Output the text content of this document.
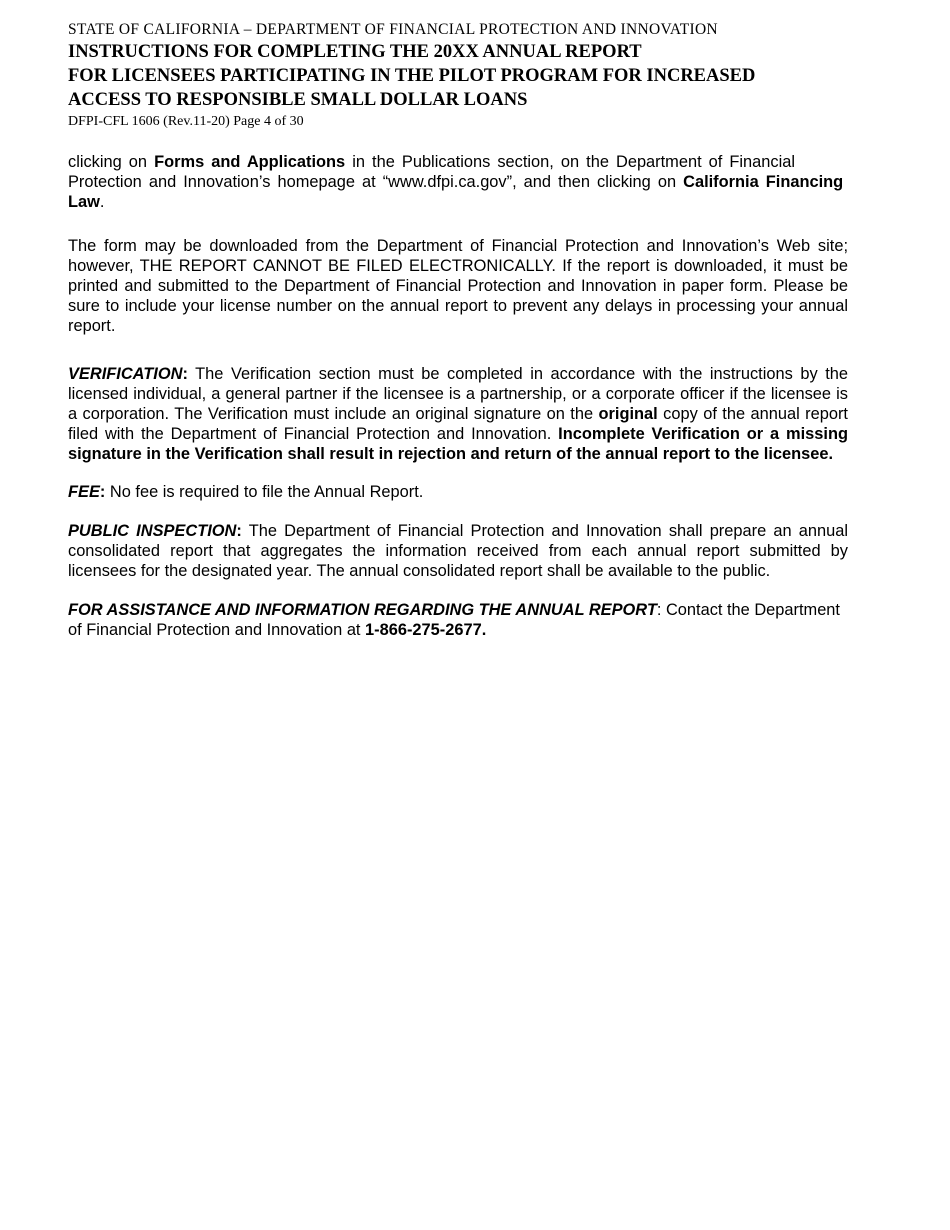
STATE OF CALIFORNIA – DEPARTMENT OF FINANCIAL PROTECTION AND INNOVATION
INSTRUCTIONS FOR COMPLETING THE 20XX ANNUAL REPORT
FOR LICENSEES PARTICIPATING IN THE PILOT PROGRAM FOR INCREASED
ACCESS TO RESPONSIBLE SMALL DOLLAR LOANS
DFPI-CFL 1606 (Rev.11-20) Page 4 of 30

clicking on Forms and Applications in the Publications section, on the Department of Financial Protection and Innovation’s homepage at “www.dfpi.ca.gov”, and then clicking on California Financing Law.

The form may be downloaded from the Department of Financial Protection and Innovation’s Web site; however, THE REPORT CANNOT BE FILED ELECTRONICALLY. If the report is downloaded, it must be printed and submitted to the Department of Financial Protection and Innovation in paper form. Please be sure to include your license number on the annual report to prevent any delays in processing your annual report.

VERIFICATION: The Verification section must be completed in accordance with the instructions by the licensed individual, a general partner if the licensee is a partnership, or a corporate officer if the licensee is a corporation. The Verification must include an original signature on the original copy of the annual report filed with the Department of Financial Protection and Innovation. Incomplete Verification or a missing signature in the Verification shall result in rejection and return of the annual report to the licensee.

FEE: No fee is required to file the Annual Report.

PUBLIC INSPECTION: The Department of Financial Protection and Innovation shall prepare an annual consolidated report that aggregates the information received from each annual report submitted by licensees for the designated year. The annual consolidated report shall be available to the public.

FOR ASSISTANCE AND INFORMATION REGARDING THE ANNUAL REPORT: Contact the Department of Financial Protection and Innovation at 1-866-275-2677.
